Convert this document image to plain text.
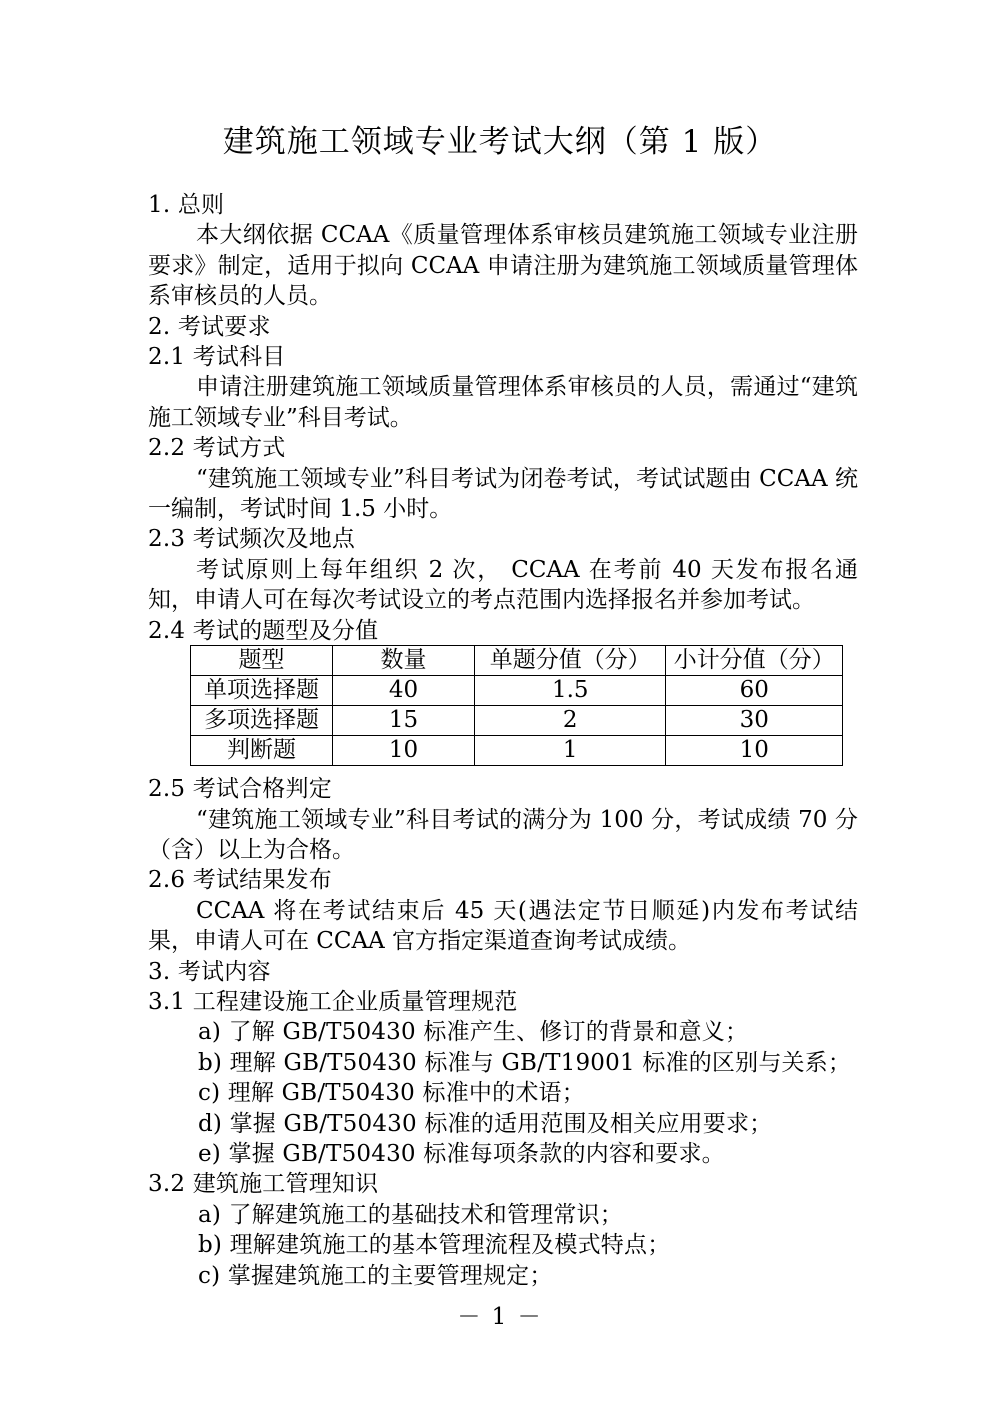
建筑施工领域专业考试大纲（第 1 版）
1. 总则
本大纲依据 CCAA《质量管理体系审核员建筑施工领域专业注册要求》制定，适用于拟向 CCAA 申请注册为建筑施工领域质量管理体系审核员的人员。
2. 考试要求
2.1 考试科目
申请注册建筑施工领域质量管理体系审核员的人员，需通过“建筑施工领域专业”科目考试。
2.2 考试方式
“建筑施工领域专业”科目考试为闭卷考试，考试试题由 CCAA 统一编制，考试时间 1.5 小时。
2.3 考试频次及地点
考试原则上每年组织 2 次， CCAA 在考前 40 天发布报名通知，申请人可在每次考试设立的考点范围内选择报名并参加考试。
2.4 考试的题型及分值
2.5 考试合格判定
“建筑施工领域专业”科目考试的满分为 100 分，考试成绩 70 分（含）以上为合格。
2.6 考试结果发布
CCAA 将在考试结束后 45 天(遇法定节日顺延)内发布考试结果，申请人可在 CCAA 官方指定渠道查询考试成绩。
3. 考试内容
3.1 工程建设施工企业质量管理规范
a) 了解 GB/T50430 标准产生、修订的背景和意义；
b) 理解 GB/T50430 标准与 GB/T19001 标准的区别与关系；
c) 理解 GB/T50430 标准中的术语；
d) 掌握 GB/T50430 标准的适用范围及相关应用要求；
e) 掌握 GB/T50430 标准每项条款的内容和要求。
3.2 建筑施工管理知识
a) 了解建筑施工的基础技术和管理常识；
b) 理解建筑施工的基本管理流程及模式特点；
c) 掌握建筑施工的主要管理规定；
题型	数量	单题分值（分）	小计分值（分）
单项选择题	40	1.5	60
多项选择题	15	2	30
判断题	10	1	10
－ 1 －
